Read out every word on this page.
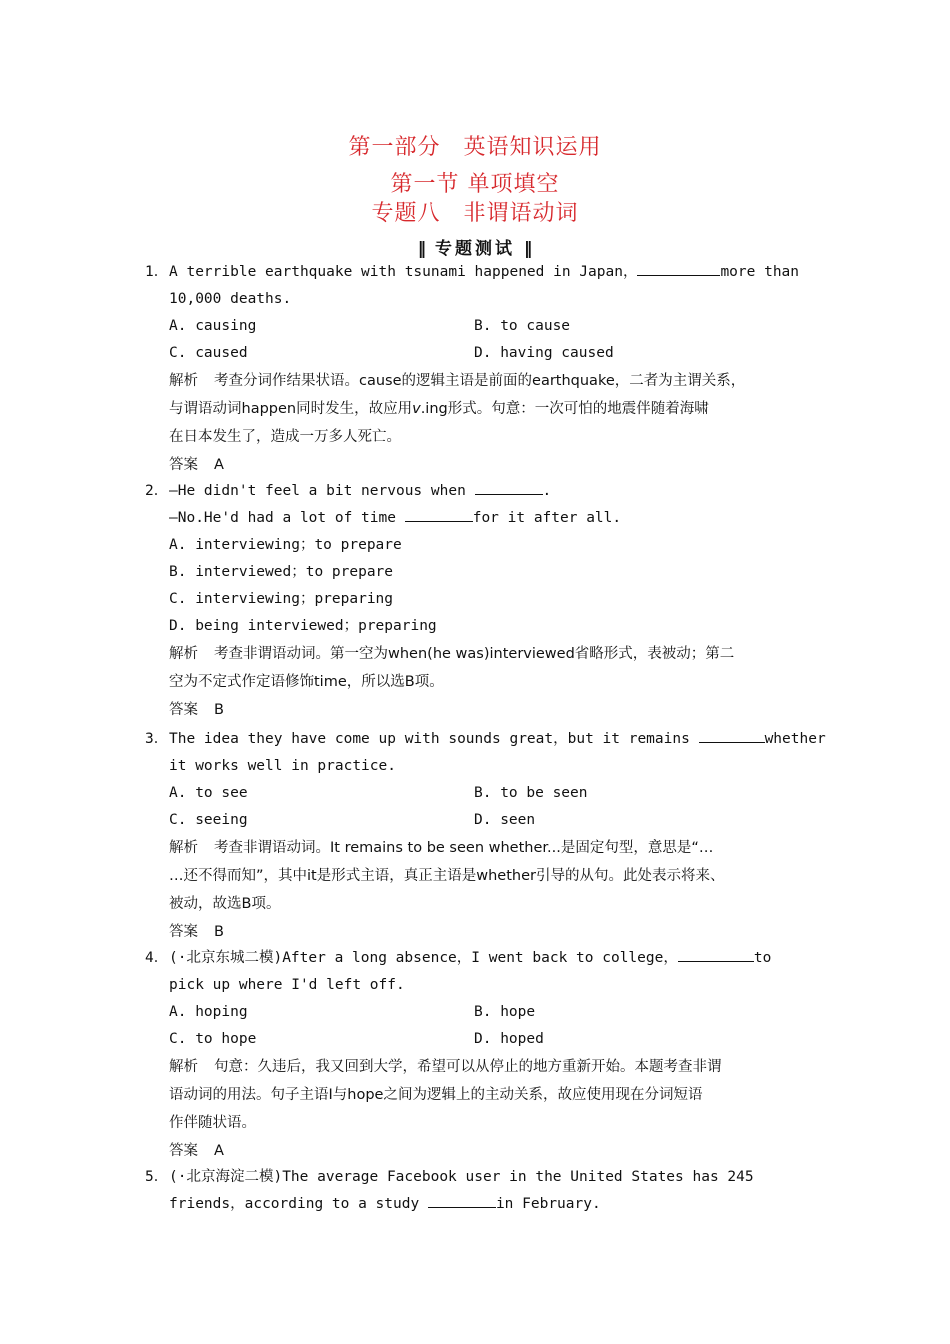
第一部分　英语知识运用
第一节 单项填空
专题八　非谓语动词
‖ 专题测试 ‖
1．A terrible earthquake with tsunami happened in Japan，	more than
10,000 deaths.
A. causing	B. to cause
C. caused	D. having caused
解析 考查分词作结果状语。cause的逻辑主语是前面的earthquake，二者为主谓关系，
与谓语动词happen同时发生，故应用v.ing形式。句意：一次可怕的地震伴随着海啸
在日本发生了，造成一万多人死亡。
答案 A
2．—He didn't feel a bit nervous when	.
—No.He'd had a lot of time	for it after all.
A. interviewing；to prepare
B. interviewed；to prepare
C. interviewing；preparing
D. being interviewed；preparing
解析 考查非谓语动词。第一空为when(he was)interviewed省略形式，表被动；第二
空为不定式作定语修饰time，所以选B项。
答案 B
3．The idea they have come up with sounds great，but it remains	whether
it works well in practice.
A. to see	B. to be seen
C. seeing	D. seen
解析 考查非谓语动词。It remains to be seen whether...是固定句型，意思是“…
…还不得而知”，其中it是形式主语，真正主语是whether引导的从句。此处表示将来、
被动，故选B项。
答案 B
4．(·北京东城二模)After a long absence，I went back to college，	to
pick up where I'd left off.
A. hoping	B. hope
C. to hope	D. hoped
解析 句意：久违后，我又回到大学，希望可以从停止的地方重新开始。本题考查非谓
语动词的用法。句子主语I与hope之间为逻辑上的主动关系，故应使用现在分词短语
作伴随状语。
答案 A
5．(·北京海淀二模)The average Facebook user in the United States has 245
friends，according to a study	in February.
